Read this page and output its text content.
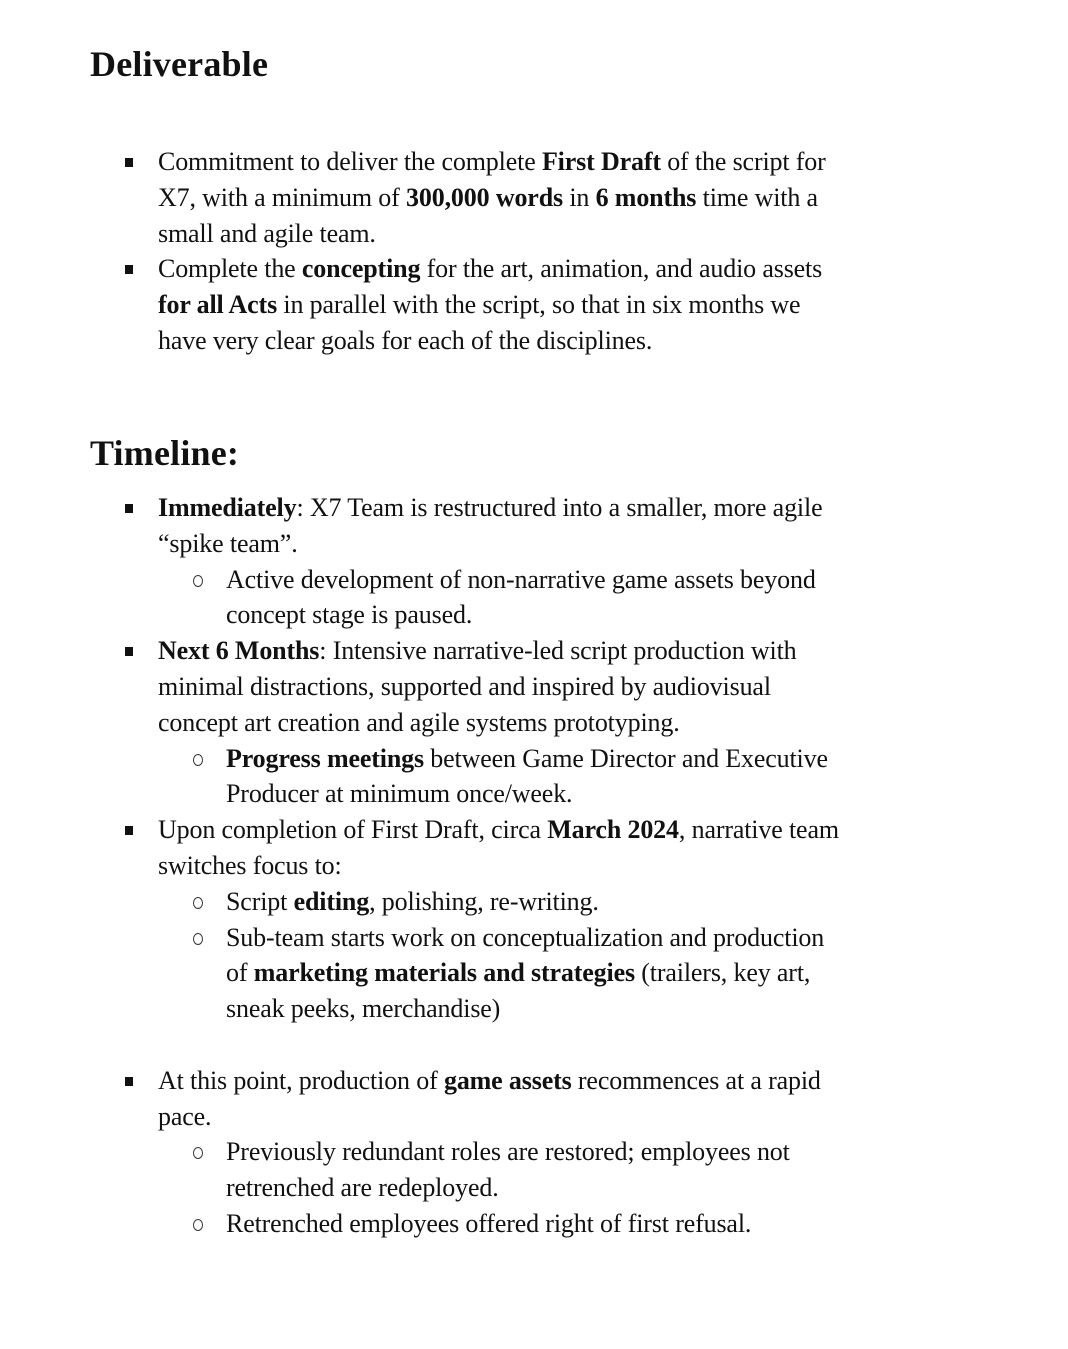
Deliverable
Commitment to deliver the complete First Draft of the script for
X7, with a minimum of 300,000 words in 6 months time with a
small and agile team.
Complete the concepting for the art, animation, and audio assets
for all Acts in parallel with the script, so that in six months we
have very clear goals for each of the disciplines.
Timeline:
Immediately: X7 Team is restructured into a smaller, more agile
“spike team”.
Active development of non-narrative game assets beyond
concept stage is paused.
Next 6 Months: Intensive narrative-led script production with
minimal distractions, supported and inspired by audiovisual
concept art creation and agile systems prototyping.
Progress meetings between Game Director and Executive
Producer at minimum once/week.
Upon completion of First Draft, circa March 2024, narrative team
switches focus to:
Script editing, polishing, re-writing.
Sub-team starts work on conceptualization and production
of marketing materials and strategies (trailers, key art,
sneak peeks, merchandise)
At this point, production of game assets recommences at a rapid
pace.
Previously redundant roles are restored; employees not
retrenched are redeployed.
Retrenched employees offered right of first refusal.
